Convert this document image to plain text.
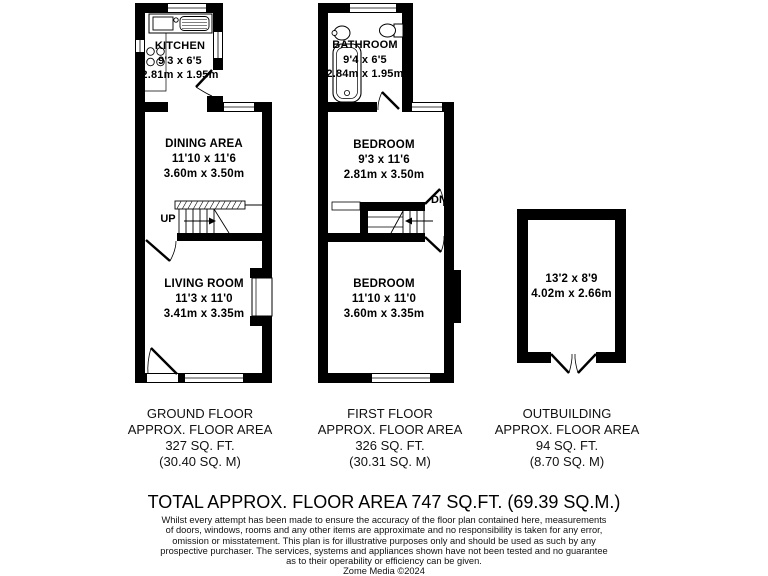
KITCHEN
9'3 x 6'5
2.81m x 1.95m
DINING AREA
11'10 x 11'6
3.60m x 3.50m
LIVING ROOM
11'3 x 11'0
3.41m x 3.35m
BATHROOM
9'4 x 6'5
2.84m x 1.95m
BEDROOM
9'3 x 11'6
2.81m x 3.50m
BEDROOM
11'10 x 11'0
3.60m x 3.35m
13'2 x 8'9
4.02m x 2.66m
UP
DN
GROUND FLOOR
APPROX. FLOOR AREA
327 SQ. FT.
(30.40 SQ. M)
FIRST FLOOR
APPROX. FLOOR AREA
326 SQ. FT.
(30.31 SQ. M)
OUTBUILDING
APPROX. FLOOR AREA
94 SQ. FT.
(8.70 SQ. M)
TOTAL APPROX. FLOOR AREA 747 SQ.FT. (69.39 SQ.M.)
Whilst every attempt has been made to ensure the accuracy of the floor plan contained here, measurements
of doors, windows, rooms and any other items are approximate and no responsibility is taken for any error,
omission or misstatement. This plan is for illustrative purposes only and should be used as such by any
prospective purchaser. The services, systems and appliances shown have not been tested and no guarantee
as to their operability or efficiency can be given.
Zome Media ©2024
